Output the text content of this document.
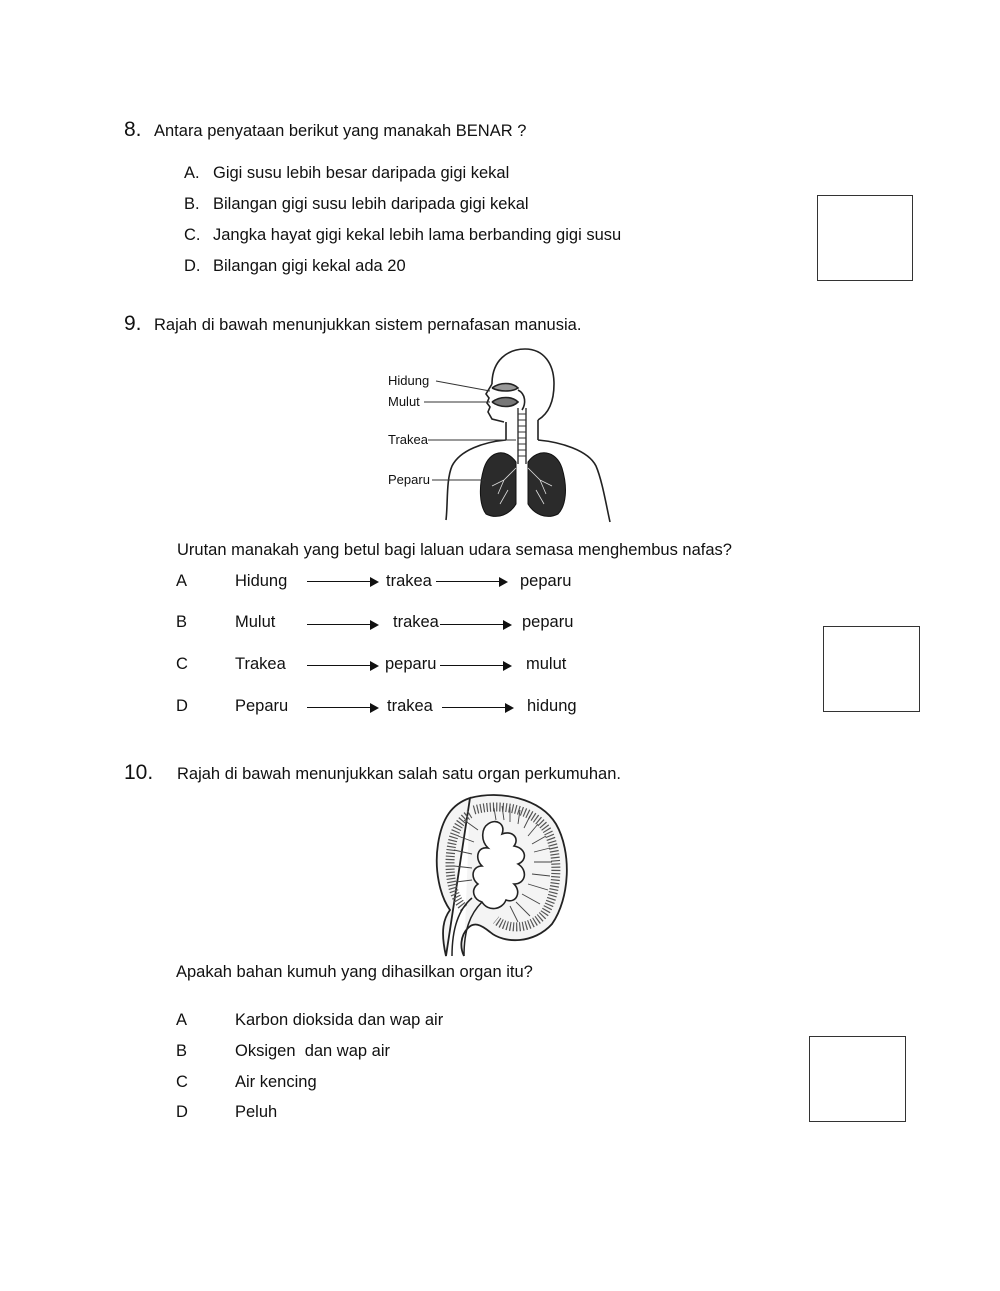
8. Antara penyataan berikut yang manakah BENAR ?
A. Gigi susu lebih besar daripada gigi kekal
B. Bilangan gigi susu lebih daripada gigi kekal
C. Jangka hayat gigi kekal lebih lama berbanding gigi susu
D. Bilangan gigi kekal ada 20
9. Rajah di bawah menunjukkan sistem pernafasan manusia.
Hidung
Mulut
Trakea
Peparu
Urutan manakah yang betul bagi laluan udara semasa menghembus nafas?
A	Hidung	trakea	peparu
B	Mulut	trakea	peparu
C	Trakea	peparu	mulut
D	Peparu	trakea	hidung
10. Rajah di bawah menunjukkan salah satu organ perkumuhan.
Apakah bahan kumuh yang dihasilkan organ itu?
A	Karbon dioksida dan wap air
B	Oksigen  dan wap air
C	Air kencing
D	Peluh
